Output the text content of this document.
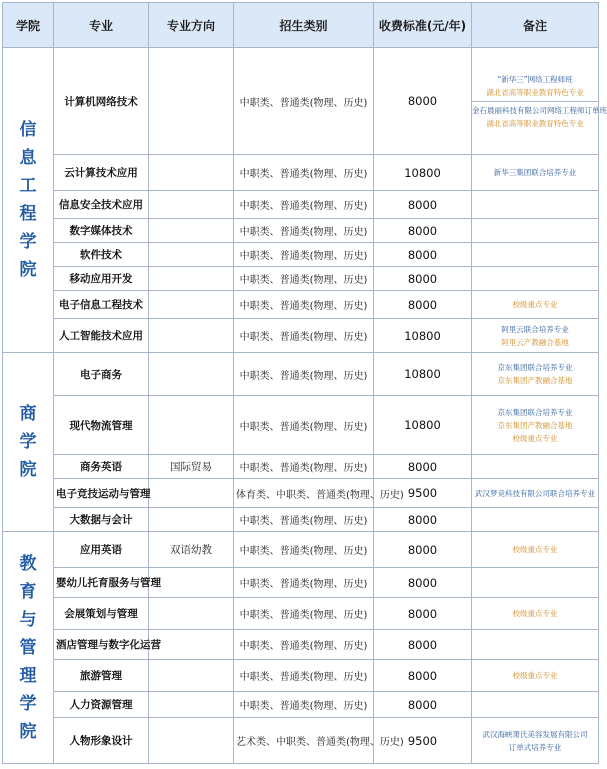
学院	专业	专业方向	招生类别	收费标准(元/年)	备注
信息工程学院	计算机网络技术		中职类、普通类(物理、历史)	8000	“新华三”网络工程师班
湖北省高等职业教育特色专业
金石晨丽科技有限公司网络工程师订单班
湖北省高等职业教育特色专业

	云计算技术应用		中职类、普通类(物理、历史)	10800	新华三集团联合培养专业

	信息安全技术应用		中职类、普通类(物理、历史)	8000	
	数字媒体技术		中职类、普通类(物理、历史)	8000	
	软件技术		中职类、普通类(物理、历史)	8000	
	移动应用开发		中职类、普通类(物理、历史)	8000	
	电子信息工程技术		中职类、普通类(物理、历史)	8000	校级重点专业

	人工智能技术应用		中职类、普通类(物理、历史)	10800	阿里云联合培养专业
阿里云产教融合基地

商学院	电子商务		中职类、普通类(物理、历史)	10800	京东集团联合培养专业
京东集团产教融合基地

	现代物流管理		中职类、普通类(物理、历史)	10800	京东集团联合培养专业
京东集团产教融合基地
校级重点专业

	商务英语	国际贸易	中职类、普通类(物理、历史)	8000	
	电子竞技运动与管理		体育类、中职类、普通类(物理、历史)	9500	武汉梦竞科技有限公司联合培养专业

	大数据与会计		中职类、普通类(物理、历史)	8000	
教育与管理学院	应用英语	双语幼教	中职类、普通类(物理、历史)	8000	校级重点专业

	婴幼儿托育服务与管理		中职类、普通类(物理、历史)	8000	
	会展策划与管理		中职类、普通类(物理、历史)	8000	校级重点专业

	酒店管理与数字化运营		中职类、普通类(物理、历史)	8000	
	旅游管理		中职类、普通类(物理、历史)	8000	校级重点专业

	人力资源管理		中职类、普通类(物理、历史)	8000	
	人物形象设计		艺术类、中职类、普通类(物理、历史)	9500	武汉海峡萧氏美容发展有限公司
订单式培养专业
